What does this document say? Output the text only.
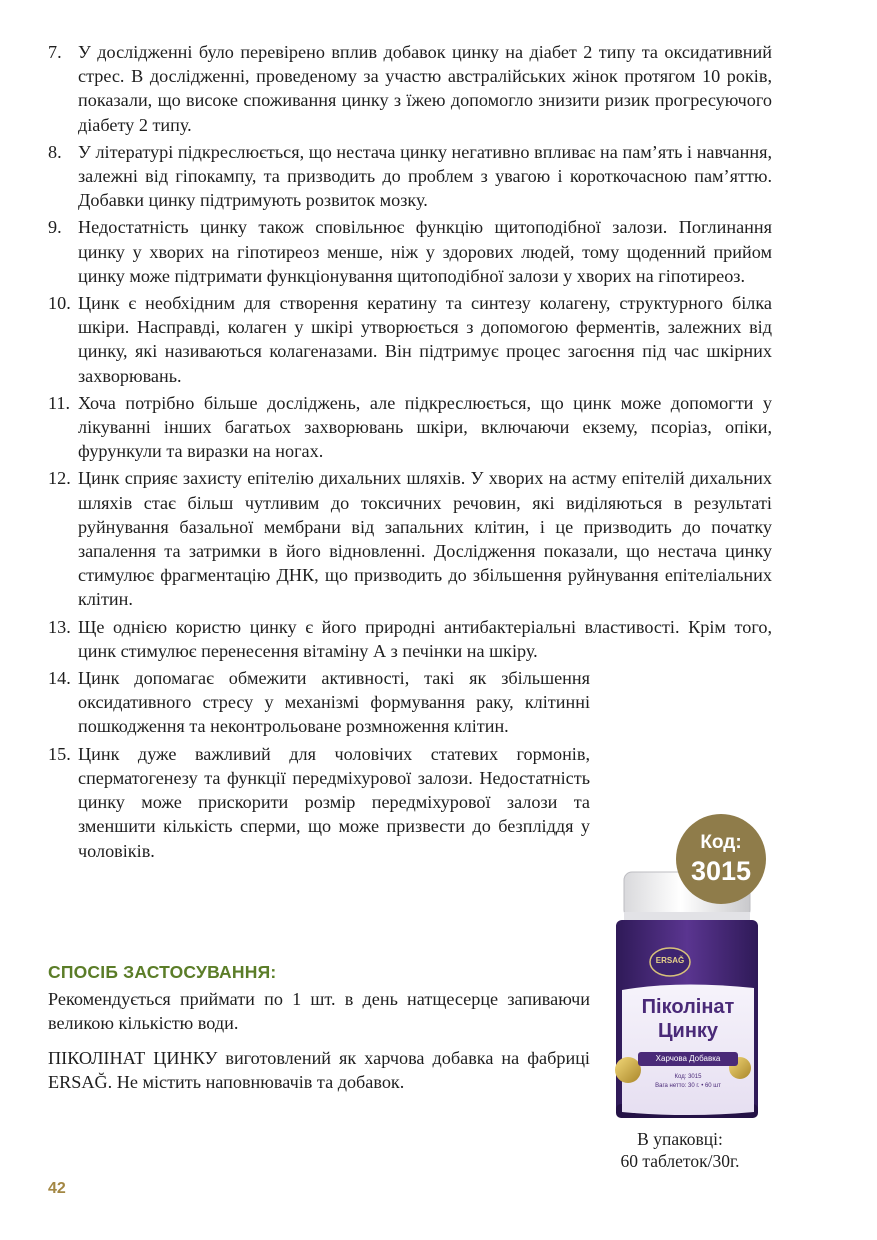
7. У дослідженні було перевірено вплив добавок цинку на діабет 2 типу та оксидативний стрес. В дослідженні, проведеному за участю австралійських жінок протягом 10 років, показали, що високе споживання цинку з їжею допомогло знизити ризик прогресуючого діабету 2 типу.
8. У літературі підкреслюється, що нестача цинку негативно впливає на пам’ять і навчання, залежні від гіпокампу, та призводить до проблем з увагою і короткочасною пам’яттю. Добавки цинку підтримують розвиток мозку.
9. Недостатність цинку також сповільнює функцію щитоподібної залози. Поглинання цинку у хворих на гіпотиреоз менше, ніж у здорових людей, тому щоденний прийом цинку може підтримати функціонування щитоподібної залози у хворих на гіпотиреоз.
10. Цинк є необхідним для створення кератину та синтезу колагену, структурного білка шкіри. Насправді, колаген у шкірі утворюється з допомогою ферментів, залежних від цинку, які називаються колагеназами. Він підтримує процес загоєння під час шкірних захворювань.
11. Хоча потрібно більше досліджень, але підкреслюється, що цинк може допомогти у лікуванні інших багатьох захворювань шкіри, включаючи екзему, псоріаз, опіки, фурункули та виразки на ногах.
12. Цинк сприяє захисту епітелію дихальних шляхів. У хворих на астму епітелій дихальних шляхів стає більш чутливим до токсичних речовин, які виділяються в результаті руйнування базальної мембрани від запальних клітин, і це призводить до початку запалення та затримки в його відновленні. Дослідження показали, що нестача цинку стимулює фрагментацію ДНК, що призводить до збільшення руйнування епітеліальних клітин.
13. Ще однією користю цинку є його природні антибактеріальні властивості. Крім того, цинк стимулює перенесення вітаміну А з печінки на шкіру.
14. Цинк допомагає обмежити активності, такі як збільшення оксидативного стресу у механізмі формування раку, клітинні пошкодження та неконтрольоване розмноження клітин.
15. Цинк дуже важливий для чоловічих статевих гормонів, сперматогенезу та функції передміхурової залози. Недостатність цинку може прискорити розмір передміхурової залози та зменшити кількість сперми, що може призвести до безпліддя у чоловіків.
СПОСІБ ЗАСТОСУВАННЯ:
Рекомендується приймати по 1 шт. в день натщесерце запиваючи великою кількістю води.
ПІКОЛІНАТ ЦИНКУ виготовлений як харчова добавка на фабриці ERSAĞ. Не містить наповнювачів та добавок.
Код:
3015
ERSAĞ
Піколінат
Цинку
Харчова Добавка
Код: 3015
Вага нетто: 30 г. • 60 шт
В упаковці:
60 таблеток/30г.
42
